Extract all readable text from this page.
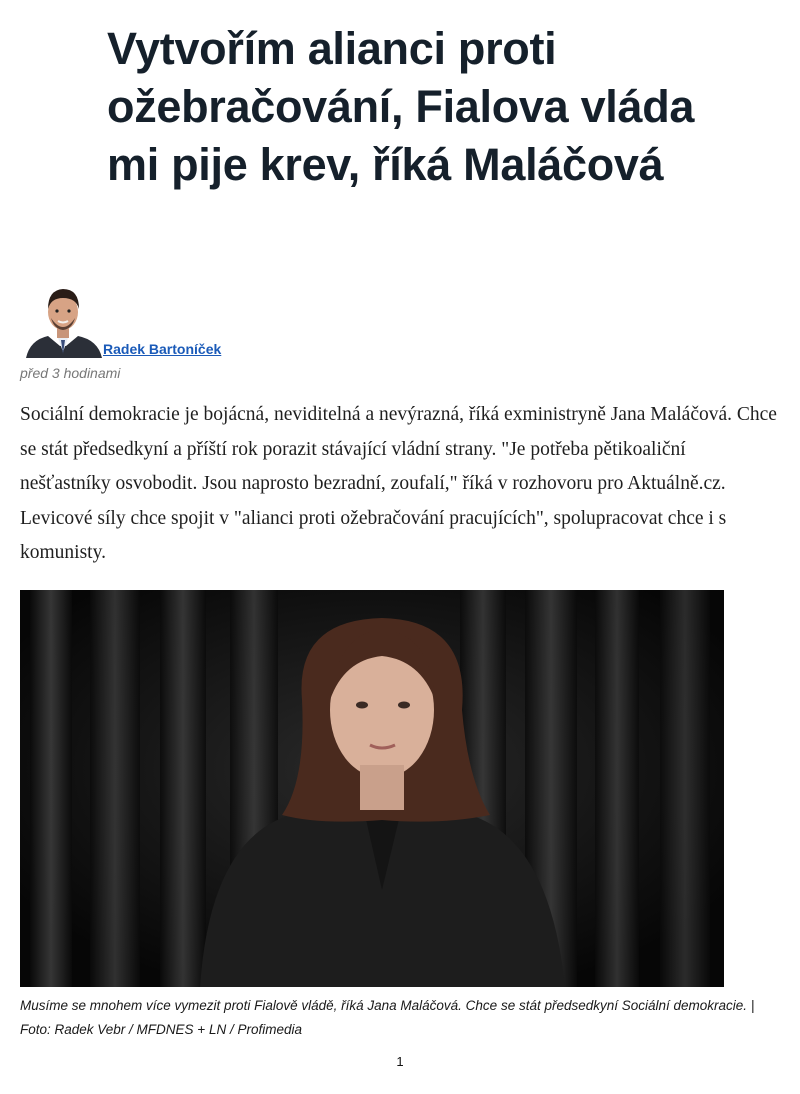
Vytvořím alianci proti ožebračování, Fialova vláda mi pije krev, říká Maláčová
Radek Bartoníček
před 3 hodinami

Sociální demokracie je bojácná, neviditelná a nevýrazná, říká exministryně Jana Maláčová. Chce se stát předsedkyní a příští rok porazit stávající vládní strany. "Je potřeba pětikoaliční nešťastníky osvobodit. Jsou naprosto bezradní, zoufalí," říká v rozhovoru pro Aktuálně.cz. Levicové síly chce spojit v "alianci proti ožebračování pracujících", spolupracovat chce i s komunisty.

Musíme se mnohem více vymezit proti Fialově vládě, říká Jana Maláčová. Chce se stát předsedkyní Sociální demokracie. | Foto: Radek Vebr / MFDNES + LN / Profimedia

1
